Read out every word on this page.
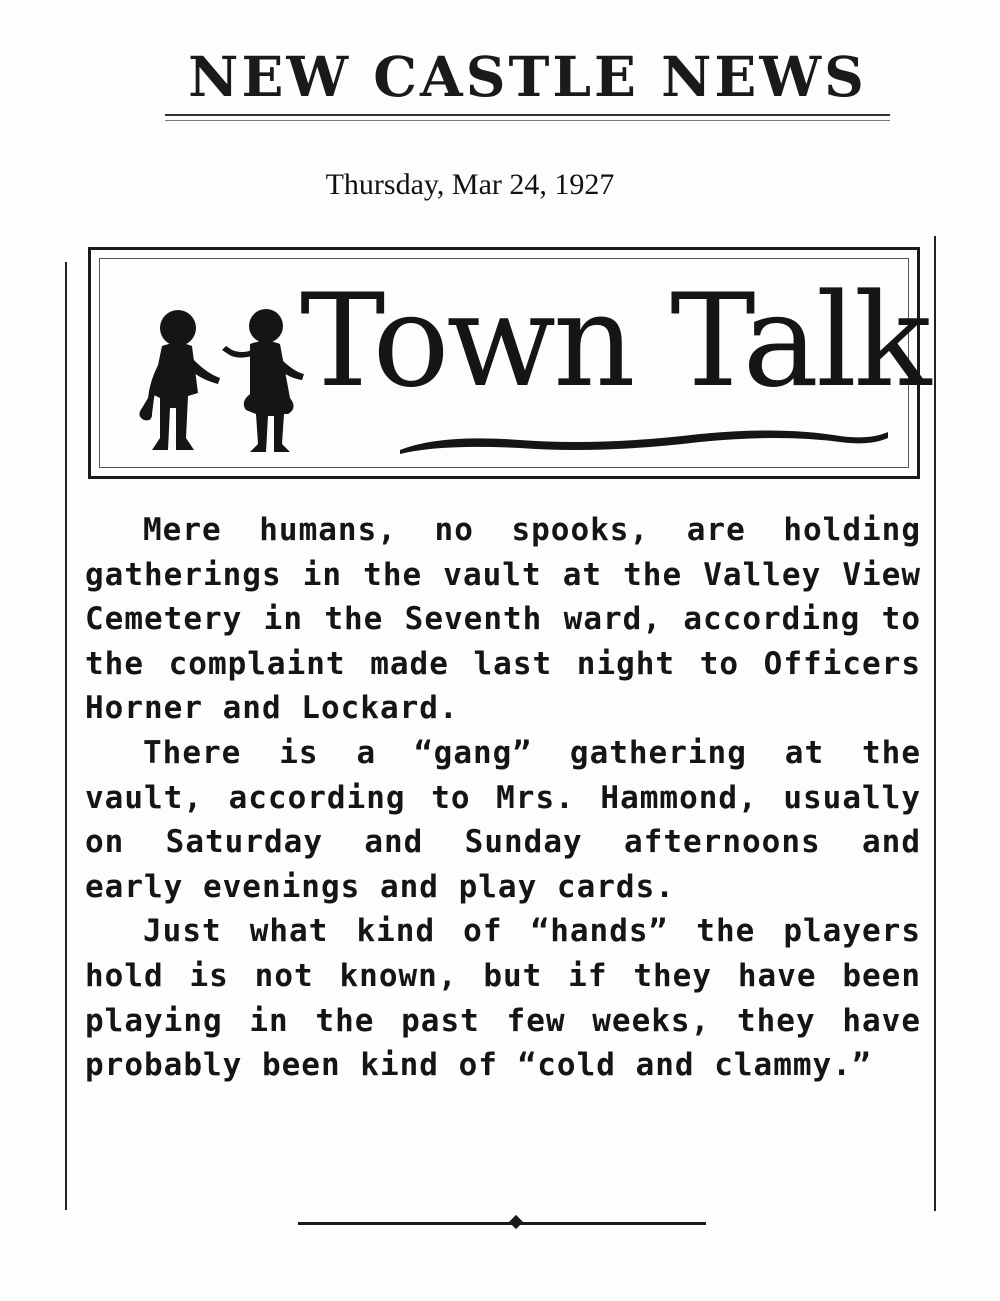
NEW CASTLE NEWS
Thursday, Mar 24, 1927
Town Talk

Mere humans, no spooks, are holding gatherings in the vault at the Valley View Cemetery in the Seventh ward, according to the complaint made last night to Officers Horner and Lockard.

There is a “gang” gathering at the vault, according to Mrs. Hammond, usually on Saturday and Sunday afternoons and early evenings and play cards.

Just what kind of “hands” the players hold is not known, but if they have been playing in the past few weeks, they have probably been kind of “cold and clammy.”
